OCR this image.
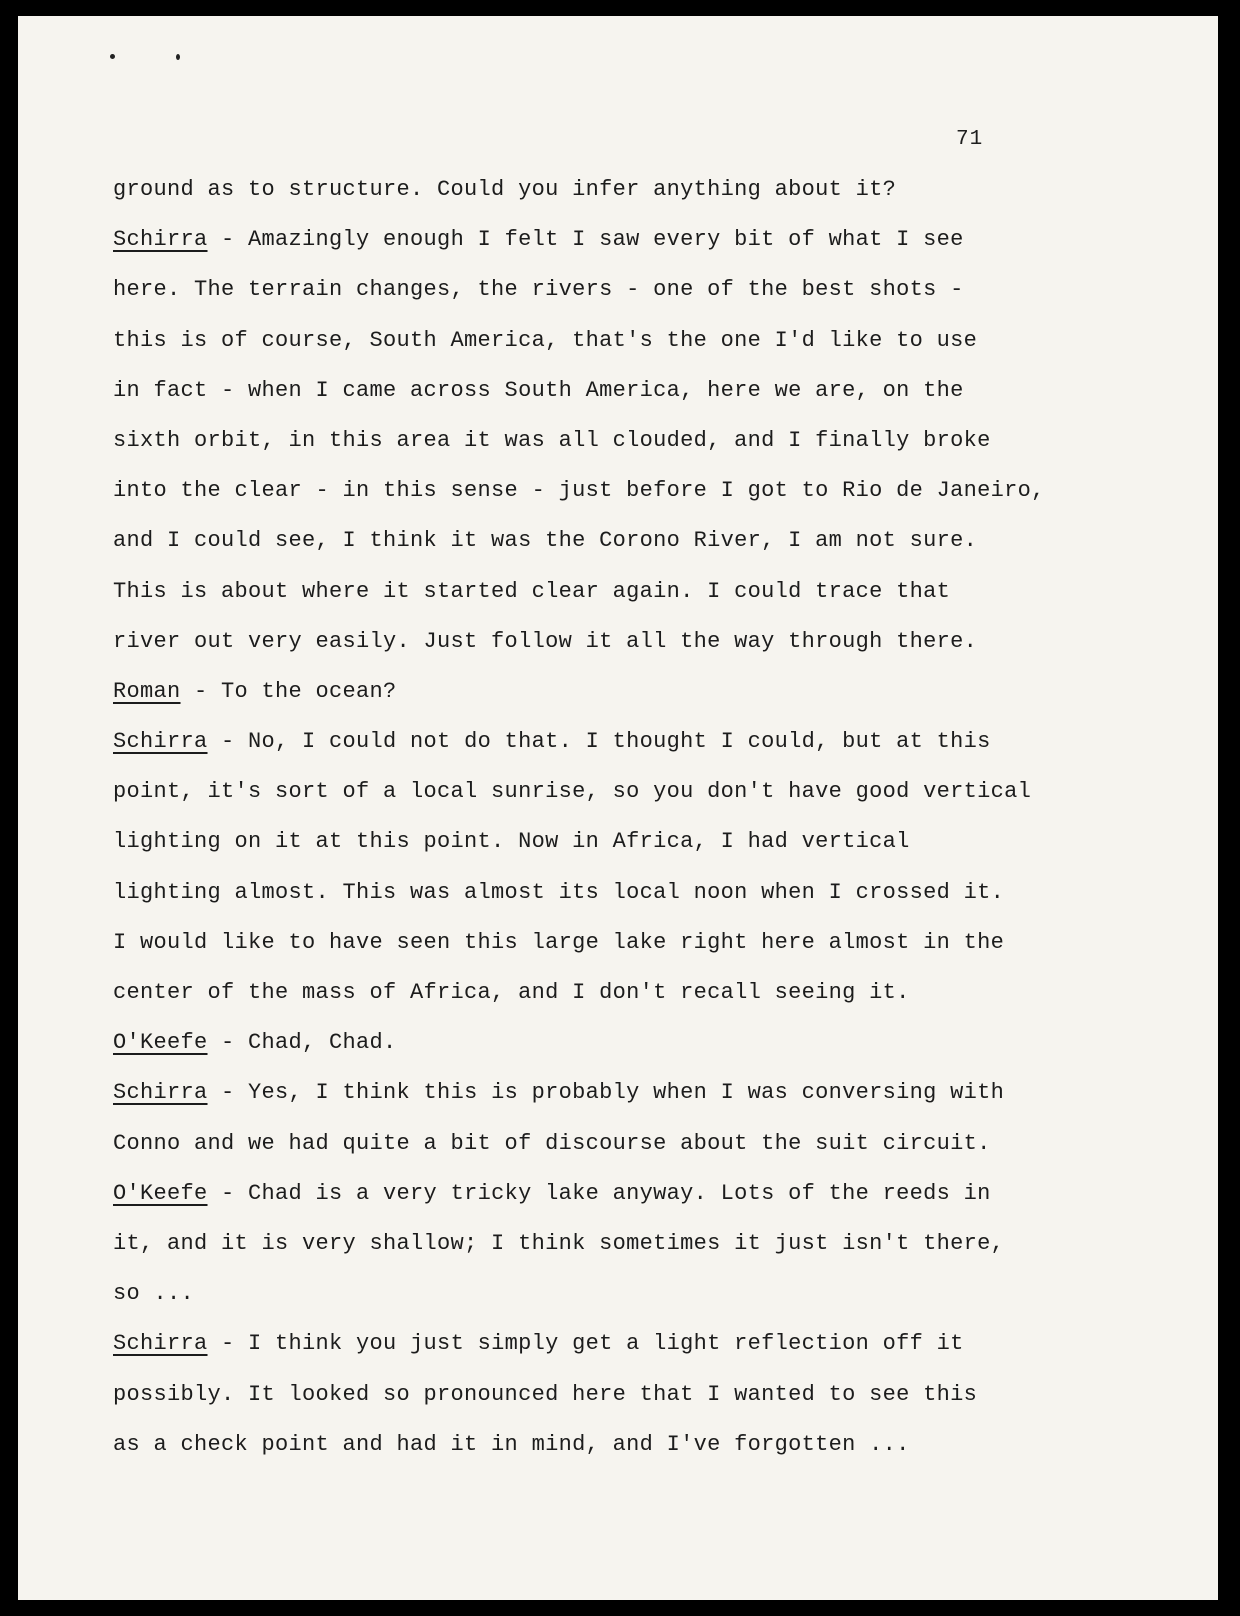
71
ground as to structure. Could you infer anything about it?
Schirra - Amazingly enough I felt I saw every bit of what I see
here. The terrain changes, the rivers - one of the best shots -
this is of course, South America, that's the one I'd like to use
in fact - when I came across South America, here we are, on the
sixth orbit, in this area it was all clouded, and I finally broke
into the clear - in this sense - just before I got to Rio de Janeiro,
and I could see, I think it was the Corono River, I am not sure.
This is about where it started clear again. I could trace that
river out very easily. Just follow it all the way through there.
Roman - To the ocean?
Schirra - No, I could not do that. I thought I could, but at this
point, it's sort of a local sunrise, so you don't have good vertical
lighting on it at this point. Now in Africa, I had vertical
lighting almost. This was almost its local noon when I crossed it.
I would like to have seen this large lake right here almost in the
center of the mass of Africa, and I don't recall seeing it.
O'Keefe - Chad, Chad.
Schirra - Yes, I think this is probably when I was conversing with
Conno and we had quite a bit of discourse about the suit circuit.
O'Keefe - Chad is a very tricky lake anyway. Lots of the reeds in
it, and it is very shallow; I think sometimes it just isn't there,
so ...
Schirra - I think you just simply get a light reflection off it
possibly. It looked so pronounced here that I wanted to see this
as a check point and had it in mind, and I've forgotten ...
